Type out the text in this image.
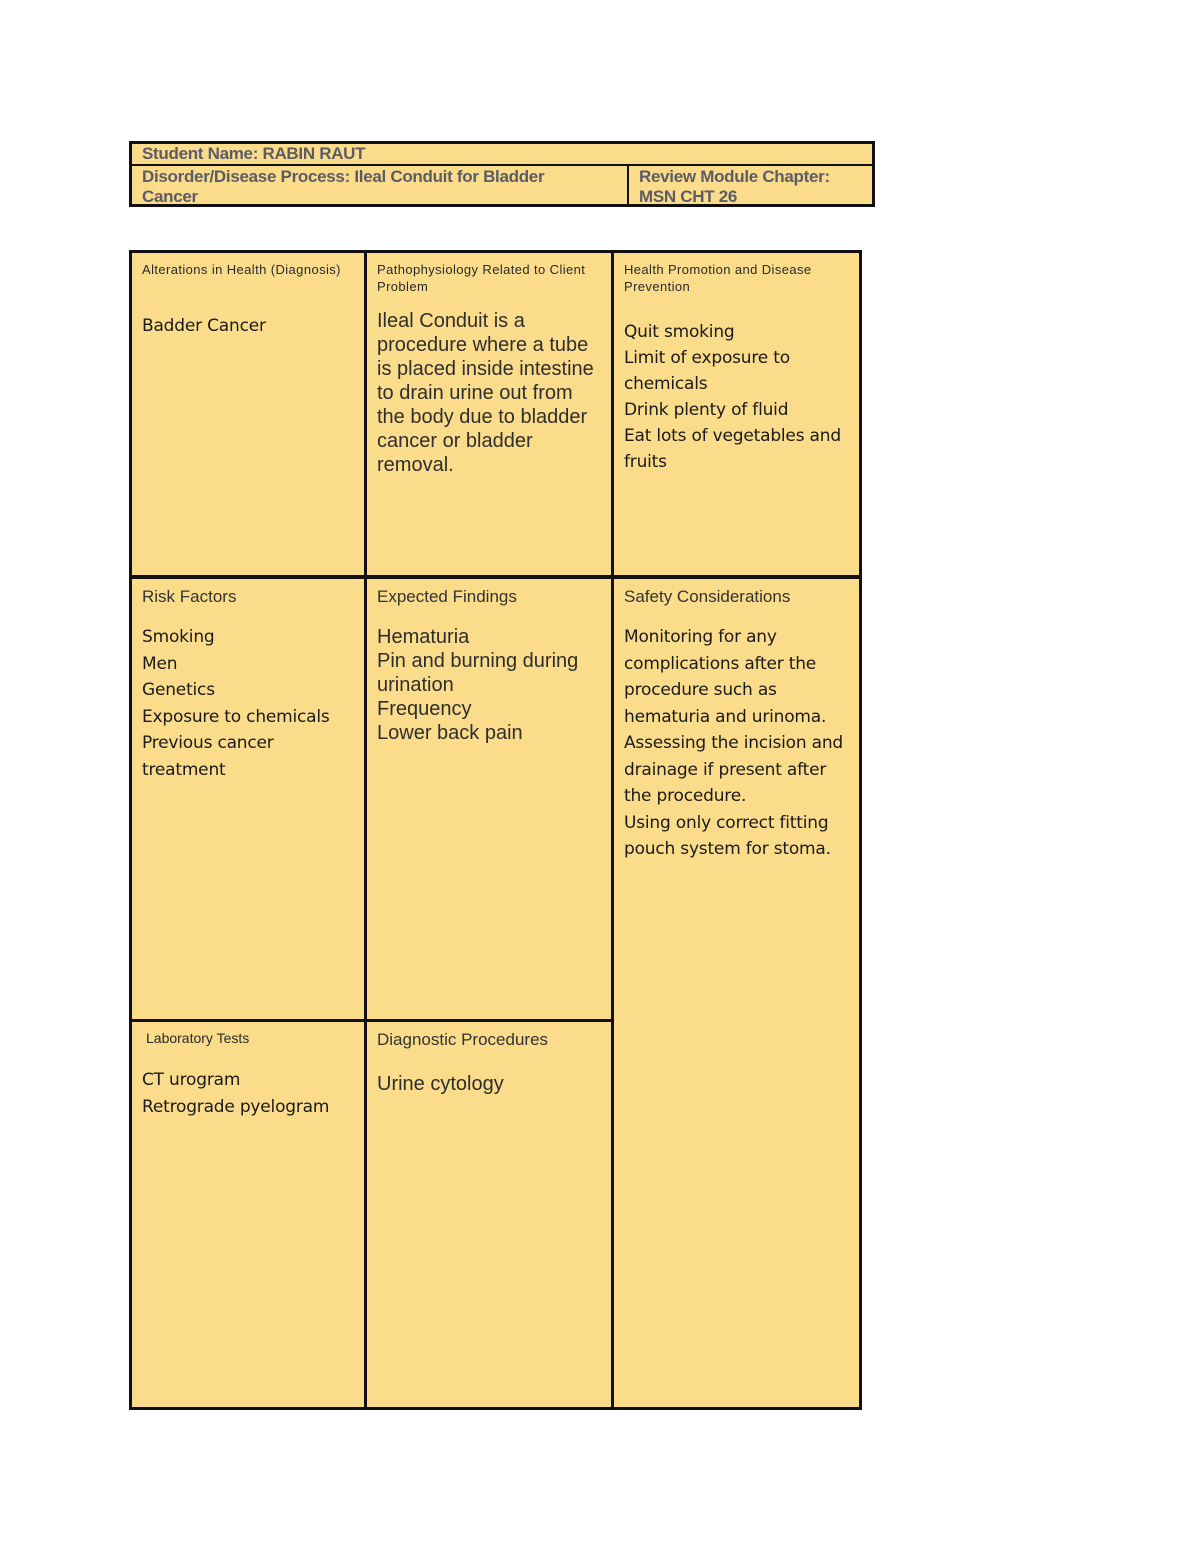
Student Name: RABIN RAUT
Disorder/Disease Process: Ileal Conduit for Bladder
Cancer
Review Module Chapter:
MSN CHT 26
Alterations in Health (Diagnosis)
Badder Cancer
Pathophysiology Related to Client
Problem
Ileal Conduit is a
procedure where a tube
is placed inside intestine
to drain urine out from
the body due to bladder
cancer or bladder
removal.
Health Promotion and Disease
Prevention
Quit smoking
Limit of exposure to
chemicals
Drink plenty of fluid
Eat lots of vegetables and
fruits
Risk Factors
Smoking
Men
Genetics
Exposure to chemicals
Previous cancer
treatment
Expected Findings
Hematuria
Pin and burning during
urination
Frequency
Lower back pain
Safety Considerations
Monitoring for any
complications after the
procedure such as
hematuria and urinoma.
Assessing the incision and
drainage if present after
the procedure.
Using only correct fitting
pouch system for stoma.
Laboratory Tests
CT urogram
Retrograde pyelogram
Diagnostic Procedures
Urine cytology
